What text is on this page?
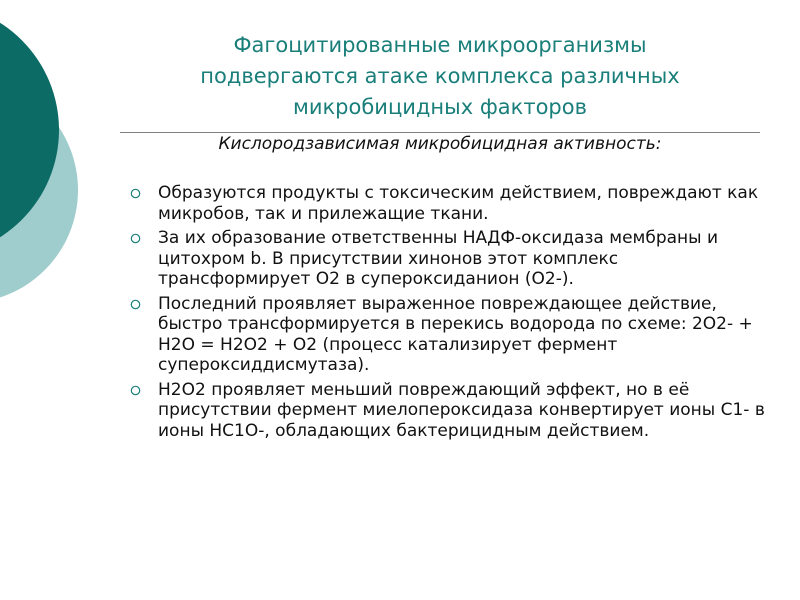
Фагоцитированные микроорганизмы
подвергаются атаке комплекса различных
микробицидных факторов

Кислородзависимая микробицидная активность:

Образуются продукты с токсическим действием, повреждают как микробов, так и прилежащие ткани.
За их образование ответственны НАДФ-оксидаза мембраны и цитохром b. В присутствии хинонов этот комплекс трансформирует О2 в супероксиданион (О2-).
Последний проявляет выраженное повреждающее действие, быстро трансформируется в перекись водорода по схеме: 2О2- + Н2О = Н2О2 + О2 (процесс катализирует фермент супероксиддисмутаза).
Н2О2 проявляет меньший повреждающий эффект, но в её присутствии фермент миелопероксидаза конвертирует ионы С1- в ионы НС1О-, обладающих бактерицидным действием.
